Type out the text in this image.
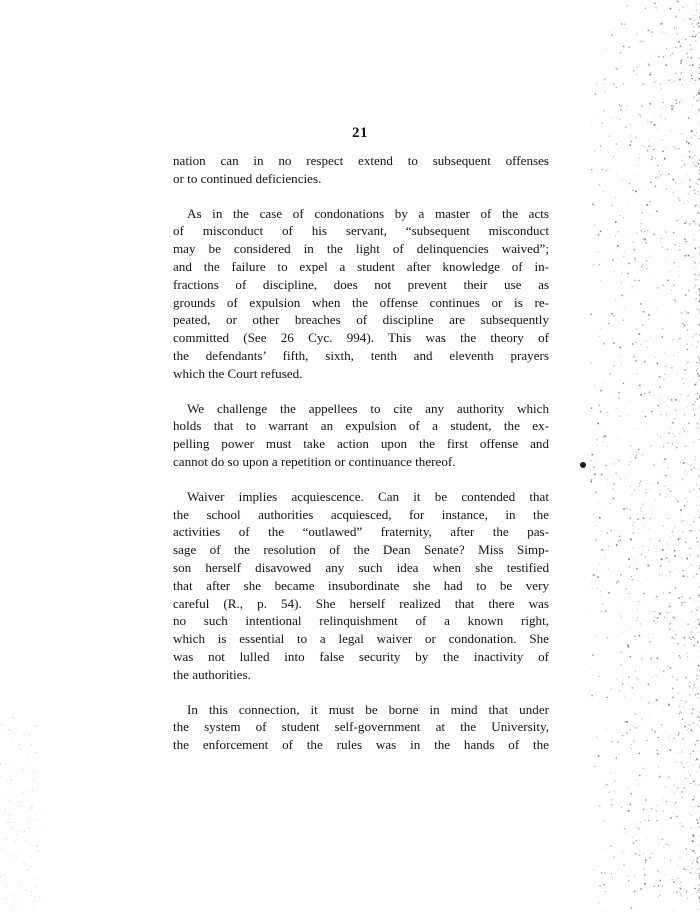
21

nation can in no respect extend to subsequent offenses
or to continued deficiencies.

As in the case of condonations by a master of the acts
of misconduct of his servant, “subsequent misconduct
may be considered in the light of delinquencies waived”;
and the failure to expel a student after knowledge of in-
fractions of discipline, does not prevent their use as
grounds of expulsion when the offense continues or is re-
peated, or other breaches of discipline are subsequently
committed (See 26 Cyc. 994). This was the theory of
the defendants’ fifth, sixth, tenth and eleventh prayers
which the Court refused.

We challenge the appellees to cite any authority which
holds that to warrant an expulsion of a student, the ex-
pelling power must take action upon the first offense and
cannot do so upon a repetition or continuance thereof.

Waiver implies acquiescence. Can it be contended that
the school authorities acquiesced, for instance, in the
activities of the “outlawed” fraternity, after the pas-
sage of the resolution of the Dean Senate? Miss Simp-
son herself disavowed any such idea when she testified
that after she became insubordinate she had to be very
careful (R., p. 54). She herself realized that there was
no such intentional relinquishment of a known right,
which is essential to a legal waiver or condonation. She
was not lulled into false security by the inactivity of
the authorities.

In this connection, it must be borne in mind that under
the system of student self-government at the University,
the enforcement of the rules was in the hands of the
